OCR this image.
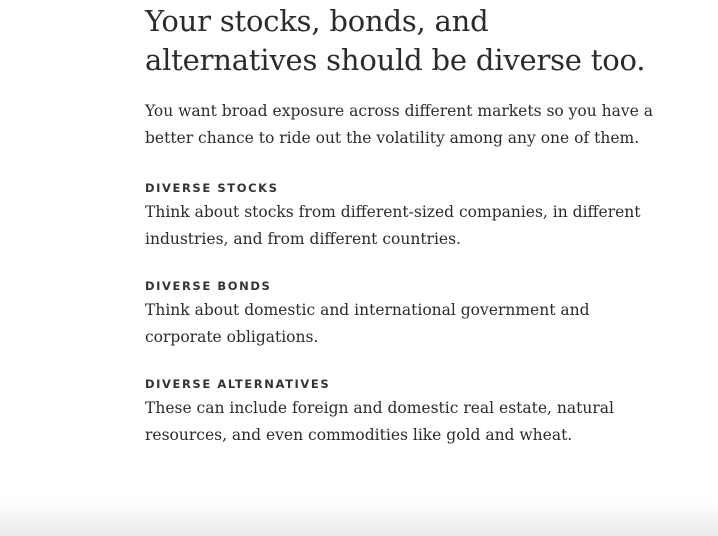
Your stocks, bonds, and alternatives should be diverse too.

You want broad exposure across different markets so you have a better chance to ride out the volatility among any one of them.

DIVERSE STOCKS

Think about stocks from different-sized companies, in different industries, and from different countries.

DIVERSE BONDS

Think about domestic and international government and corporate obligations.

DIVERSE ALTERNATIVES

These can include foreign and domestic real estate, natural resources, and even commodities like gold and wheat.
